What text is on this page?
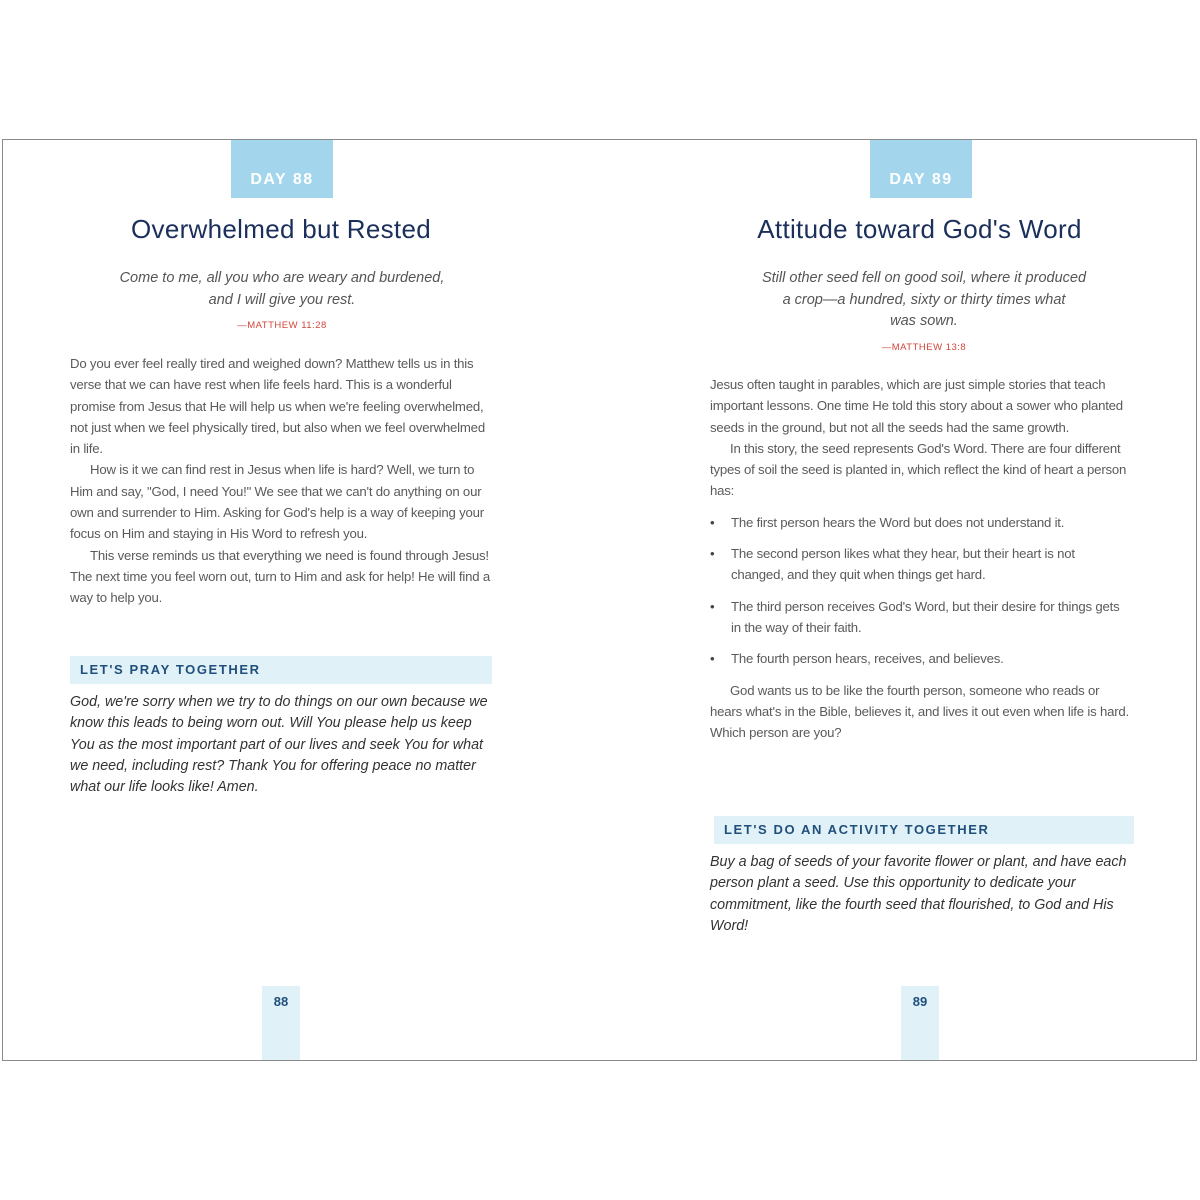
DAY 88
Overwhelmed but Rested
Come to me, all you who are weary and burdened,
and I will give you rest.
—MATTHEW 11:28

Do you ever feel really tired and weighed down? Matthew tells us in this verse that we can have rest when life feels hard. This is a wonderful promise from Jesus that He will help us when we're feeling overwhelmed, not just when we feel physically tired, but also when we feel overwhelmed in life.

How is it we can find rest in Jesus when life is hard? Well, we turn to Him and say, "God, I need You!" We see that we can't do anything on our own and surrender to Him. Asking for God's help is a way of keeping your focus on Him and staying in His Word to refresh you.

This verse reminds us that everything we need is found through Jesus! The next time you feel worn out, turn to Him and ask for help! He will find a way to help you.

LET'S PRAY TOGETHER
God, we're sorry when we try to do things on our own because we know this leads to being worn out. Will You please help us keep You as the most important part of our lives and seek You for what we need, including rest? Thank You for offering peace no matter what our life looks like! Amen.
88
DAY 89
Attitude toward God's Word
Still other seed fell on good soil, where it produced
a crop—a hundred, sixty or thirty times what
was sown.
—MATTHEW 13:8

Jesus often taught in parables, which are just simple stories that teach important lessons. One time He told this story about a sower who planted seeds in the ground, but not all the seeds had the same growth.

In this story, the seed represents God's Word. There are four different types of soil the seed is planted in, which reflect the kind of heart a person has:

• The first person hears the Word but does not understand it.
• The second person likes what they hear, but their heart is not changed, and they quit when things get hard.
• The third person receives God's Word, but their desire for things gets in the way of their faith.
• The fourth person hears, receives, and believes.

God wants us to be like the fourth person, someone who reads or hears what's in the Bible, believes it, and lives it out even when life is hard. Which person are you?

Buy a bag of seeds of your favorite flower or plant, and have each person plant a seed. Use this opportunity to dedicate your commitment, like the fourth seed that flourished, to God and His Word!
89
LET'S DO AN ACTIVITY TOGETHER
